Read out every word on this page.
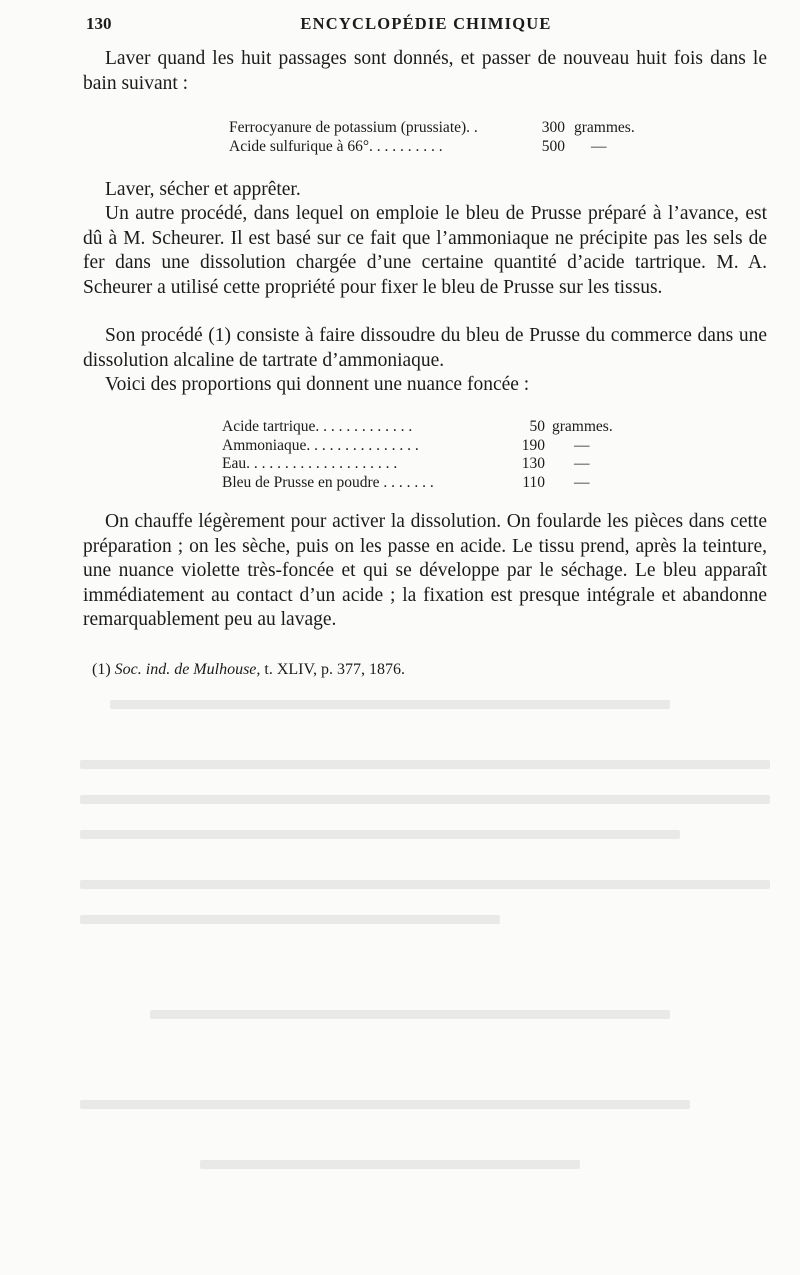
130	ENCYCLOPÉDIE CHIMIQUE

Laver quand les huit passages sont donnés, et passer de nouveau huit fois dans le bain suivant :

Ferrocyanure de potassium (prussiate). .	300 grammes.
Acide sulfurique à 66°. . . . . . . . . .	500 —

Laver, sécher et apprêter.

Un autre procédé, dans lequel on emploie le bleu de Prusse préparé à l’avance, est dû à M. Scheurer. Il est basé sur ce fait que l’ammoniaque ne précipite pas les sels de fer dans une dissolution chargée d’une certaine quantité d’acide tartrique. M. A. Scheurer a utilisé cette propriété pour fixer le bleu de Prusse sur les tissus.

Son procédé (1) consiste à faire dissoudre du bleu de Prusse du commerce dans une dissolution alcaline de tartrate d’ammoniaque.

Voici des proportions qui donnent une nuance foncée :

Acide tartrique. . . . . . . . . . . . .	50 grammes.
Ammoniaque. . . . . . . . . . . . . . .	190 —
Eau. . . . . . . . . . . . . . . . . . . .	130 —
Bleu de Prusse en poudre . . . . . . .	110 —

On chauffe légèrement pour activer la dissolution. On foularde les pièces dans cette préparation ; on les sèche, puis on les passe en acide. Le tissu prend, après la teinture, une nuance violette très-foncée et qui se développe par le séchage. Le bleu apparaît immédiatement au contact d’un acide ; la fixation est presque intégrale et abandonne remarquablement peu au lavage.

(1) Soc. ind. de Mulhouse, t. XLIV, p. 377, 1876.
